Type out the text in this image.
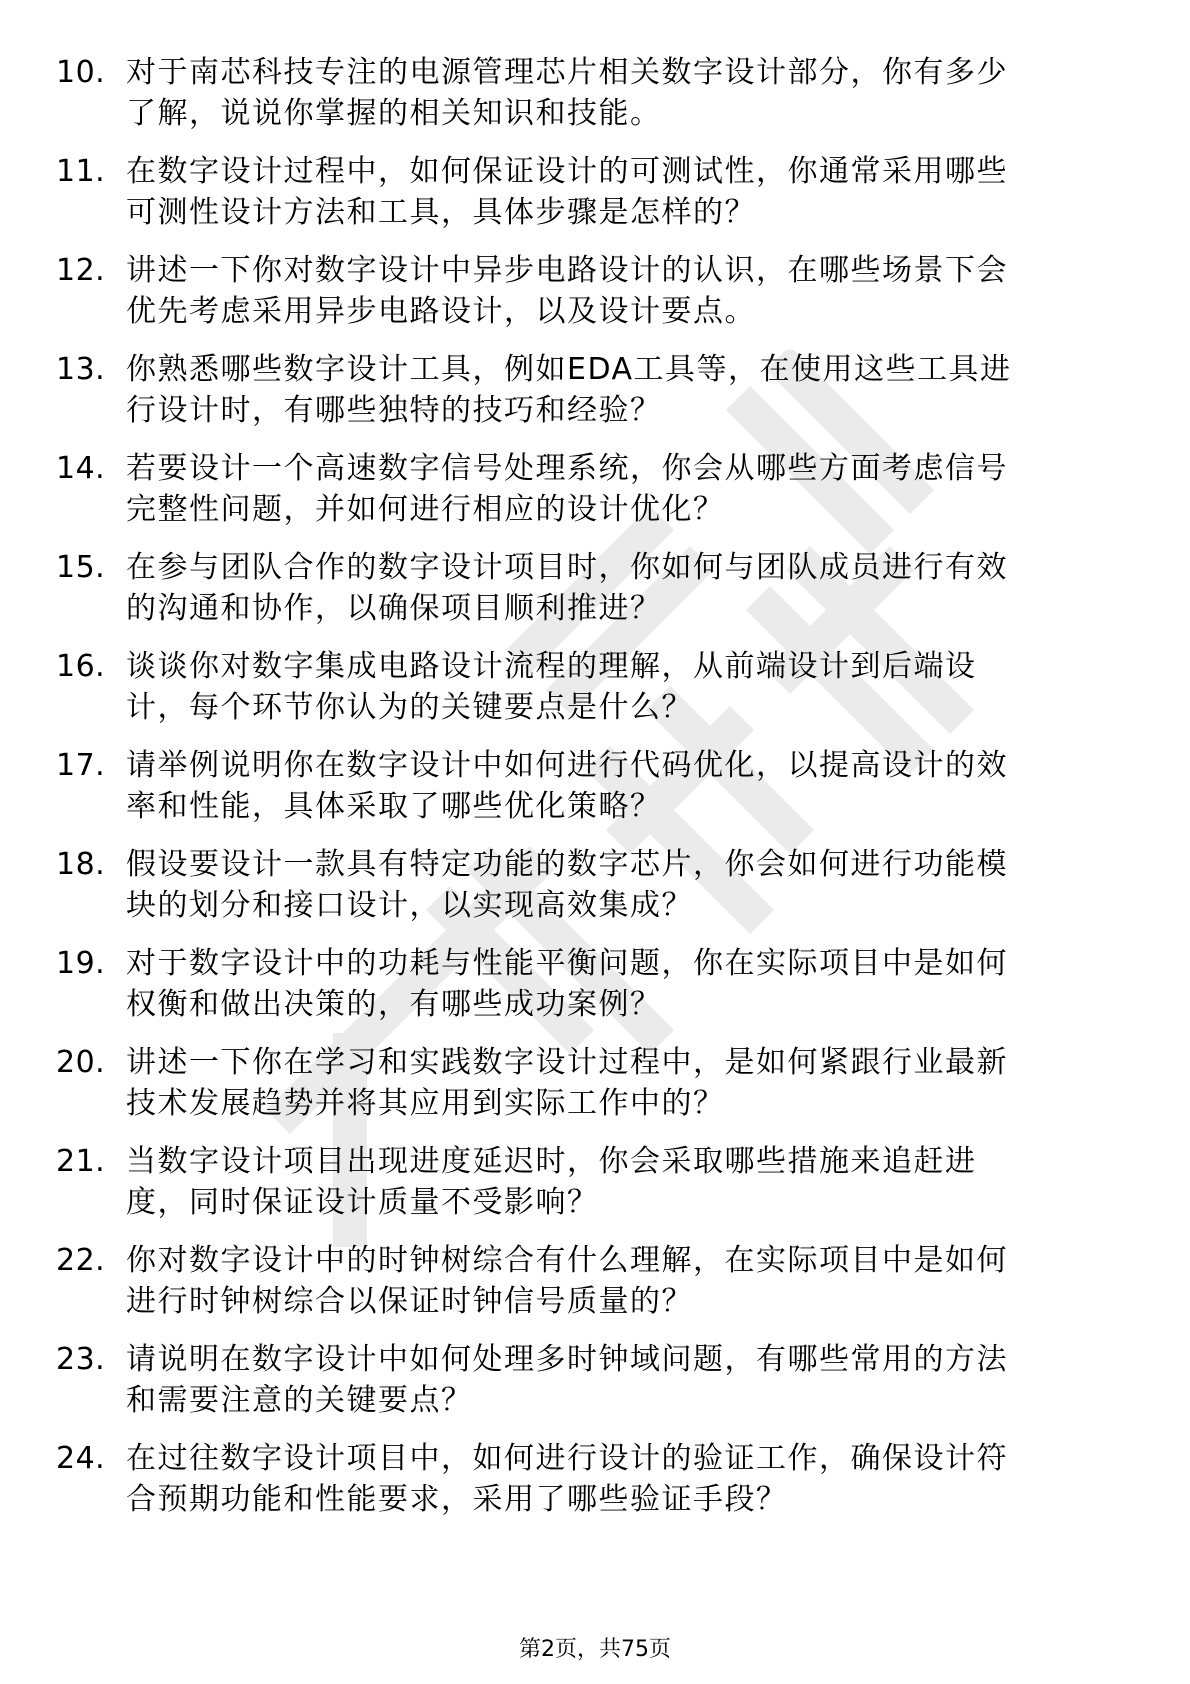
10. 对于南芯科技专注的电源管理芯片相关数字设计部分，你有多少
了解，说说你掌握的相关知识和技能。
11. 在数字设计过程中，如何保证设计的可测试性，你通常采用哪些
可测性设计方法和工具，具体步骤是怎样的？
12. 讲述一下你对数字设计中异步电路设计的认识，在哪些场景下会
优先考虑采用异步电路设计，以及设计要点。
13. 你熟悉哪些数字设计工具，例如EDA工具等，在使用这些工具进
行设计时，有哪些独特的技巧和经验？
14. 若要设计一个高速数字信号处理系统，你会从哪些方面考虑信号
完整性问题，并如何进行相应的设计优化？
15. 在参与团队合作的数字设计项目时，你如何与团队成员进行有效
的沟通和协作，以确保项目顺利推进？
16. 谈谈你对数字集成电路设计流程的理解，从前端设计到后端设
计，每个环节你认为的关键要点是什么？
17. 请举例说明你在数字设计中如何进行代码优化，以提高设计的效
率和性能，具体采取了哪些优化策略？
18. 假设要设计一款具有特定功能的数字芯片，你会如何进行功能模
块的划分和接口设计，以实现高效集成？
19. 对于数字设计中的功耗与性能平衡问题，你在实际项目中是如何
权衡和做出决策的，有哪些成功案例？
20. 讲述一下你在学习和实践数字设计过程中，是如何紧跟行业最新
技术发展趋势并将其应用到实际工作中的？
21. 当数字设计项目出现进度延迟时，你会采取哪些措施来追赶进
度，同时保证设计质量不受影响？
22. 你对数字设计中的时钟树综合有什么理解，在实际项目中是如何
进行时钟树综合以保证时钟信号质量的？
23. 请说明在数字设计中如何处理多时钟域问题，有哪些常用的方法
和需要注意的关键要点？
24. 在过往数字设计项目中，如何进行设计的验证工作，确保设计符
合预期功能和性能要求，采用了哪些验证手段？
第2页，共75页
